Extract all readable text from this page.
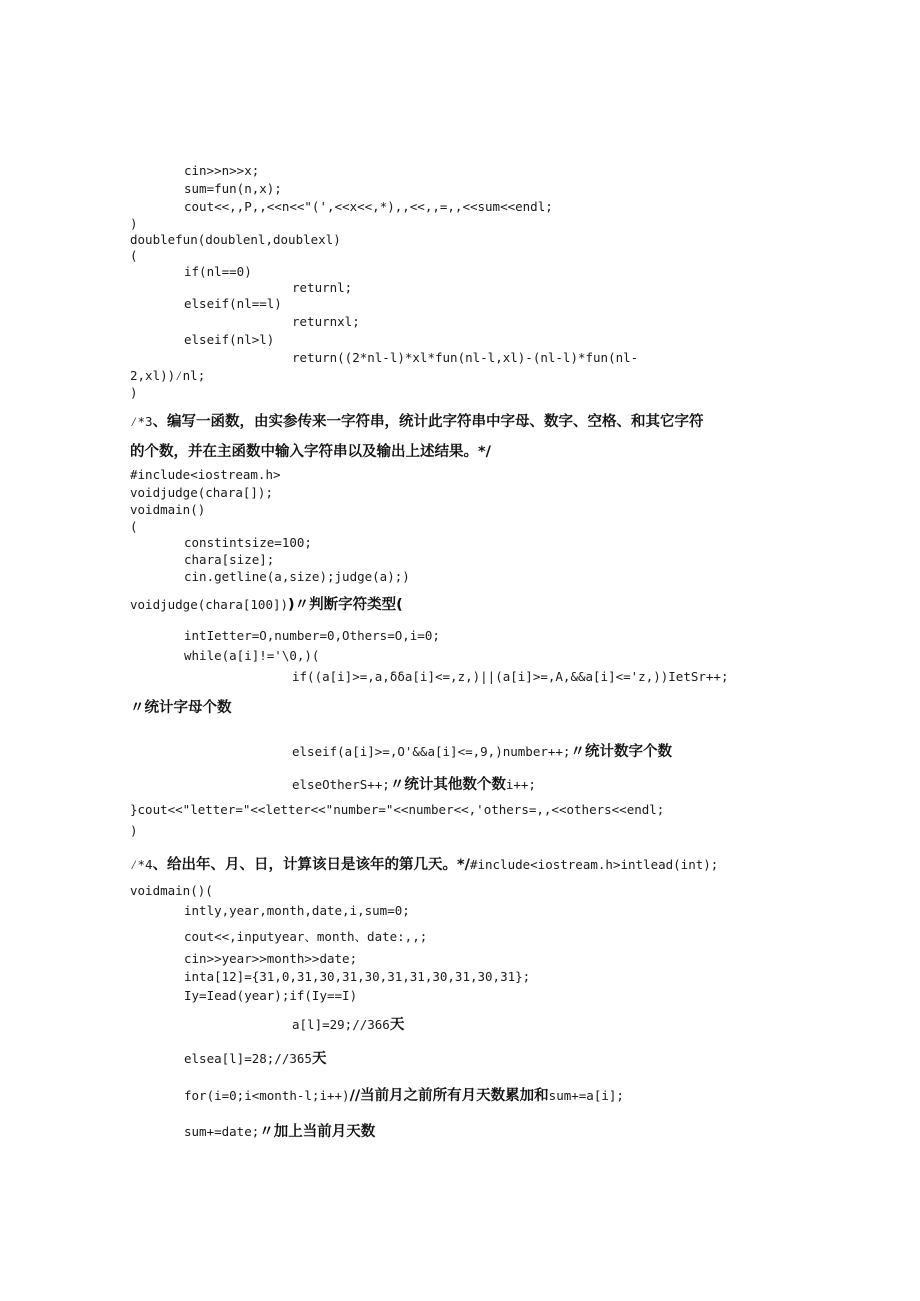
cin>>n>>x;
sum=fun(n,x);
cout<<,,P,,<<n<<"(',<<x<<,*),,<<,,=,,<<sum<<endl;
)
doublefun(doublenl,doublexl)
(
if(nl==0)
returnl;
elseif(nl==l)
returnxl;
elseif(nl>l)
return((2*nl-l)*xl*fun(nl-l,xl)-(nl-l)*fun(nl-
2,xl))⁄nl;
)
⁄*3、编写一函数，由实参传来一字符串，统计此字符串中字母、数字、空格、和其它字符
的个数，并在主函数中输入字符串以及输出上述结果。*/
#include<iostream.h>
voidjudge(chara[]);
voidmain()
(
constintsize=100;
chara[size];
cin.getline(a,size);judge(a);)
voidjudge(chara[100]))〃判断字符类型(
intIetter=O,number=0,Others=O,i=0;
while(a[i]!='\0,)(
if((a[i]>=,a,δδa[i]<=,z,)||(a[i]>=,A,&&a[i]<='z,))IetSr++;
〃统计字母个数
elseif(a[i]>=,O'&&a[i]<=,9,)number++;〃统计数字个数
elseOtherS++;〃统计其他数个数i++;
}cout<<"letter="<<letter<<"number="<<number<<,'others=,,<<others<<endl;
)
⁄*4、给出年、月、日，计算该日是该年的第几天。*/#include<iostream.h>intlead(int);
voidmain()(
intly,year,month,date,i,sum=0;
cout<<,inputyear、month、date:,,;
cin>>year>>month>>date;
inta[12]={31,0,31,30,31,30,31,31,30,31,30,31};
Iy=Iead(year);if(Iy==I)
a[l]=29;//366天
elsea[l]=28;//365天
for(i=0;i<month-l;i++)//当前月之前所有月天数累加和sum+=a[i];
sum+=date;〃加上当前月天数
